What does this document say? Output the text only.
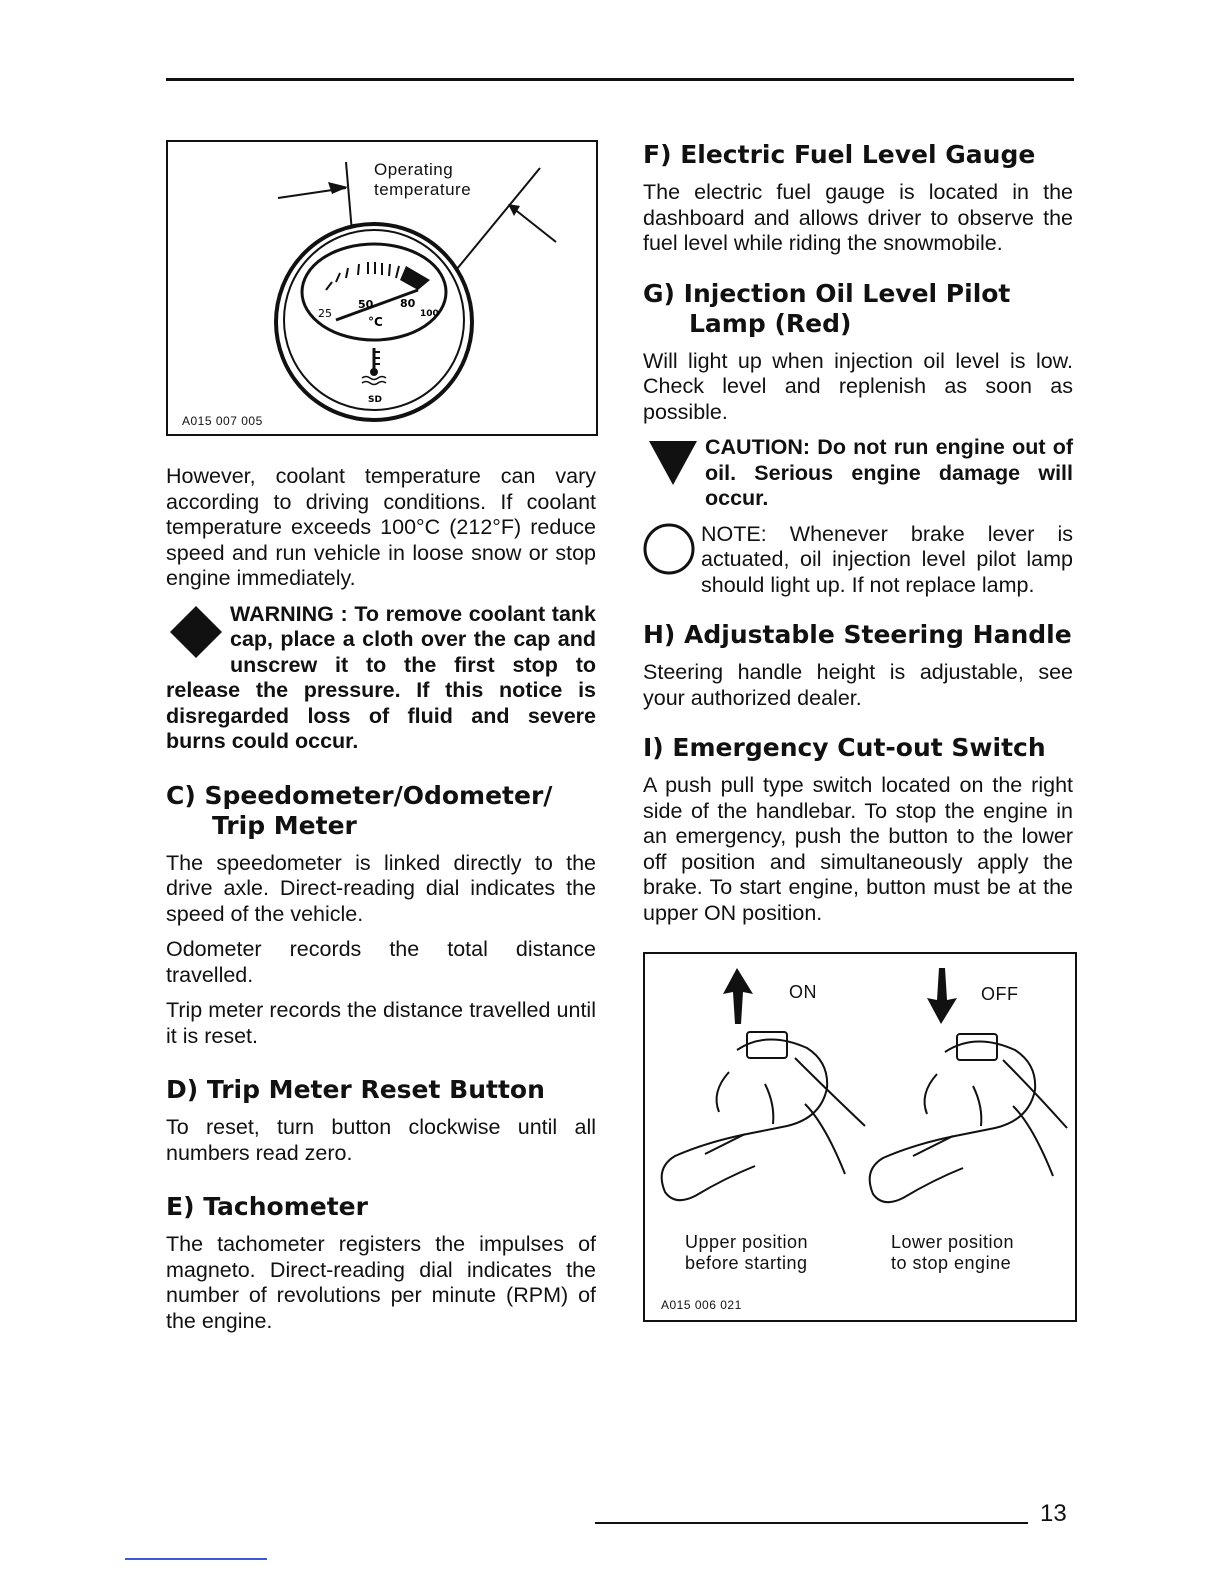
Operating
temperature
25
50 80
100
°C
SD
A015 007 005

However, coolant temperature can vary according to driving conditions. If coolant temperature exceeds 100°C (212°F) reduce speed and run vehicle in loose snow or stop engine immediately.

WARNING : To remove coolant tank cap, place a cloth over the cap and unscrew it to the first stop to release the pressure. If this notice is disregarded loss of fluid and severe burns could occur.
C) Speedometer/Odometer/ Trip Meter

The speedometer is linked directly to the drive axle. Direct-reading dial indicates the speed of the vehicle.

Odometer records the total distance travelled.

Trip meter records the distance travelled until it is reset.

D) Trip Meter Reset Button

To reset, turn button clockwise until all numbers read zero.

E) Tachometer

The tachometer registers the impulses of magneto. Direct-reading dial indicates the number of revolutions per minute (RPM) of the engine.

F) Electric Fuel Level Gauge

The electric fuel gauge is located in the dashboard and allows driver to observe the fuel level while riding the snowmobile.

G) Injection Oil Level Pilot Lamp (Red)

Will light up when injection oil level is low. Check level and replenish as soon as possible.

CAUTION: Do not run engine out of oil. Serious engine damage will occur.
NOTE: Whenever brake lever is actuated, oil injection level pilot lamp should light up. If not replace lamp.
H) Adjustable Steering Handle

Steering handle height is adjustable, see your authorized dealer.

I) Emergency Cut-out Switch

A push pull type switch located on the right side of the handlebar. To stop the engine in an emergency, push the button to the lower off position and simultaneously apply the brake. To start engine, button must be at the upper ON position.

ON	OFF
Upper position
before starting
Lower position
to stop engine
A015 006 021
13
